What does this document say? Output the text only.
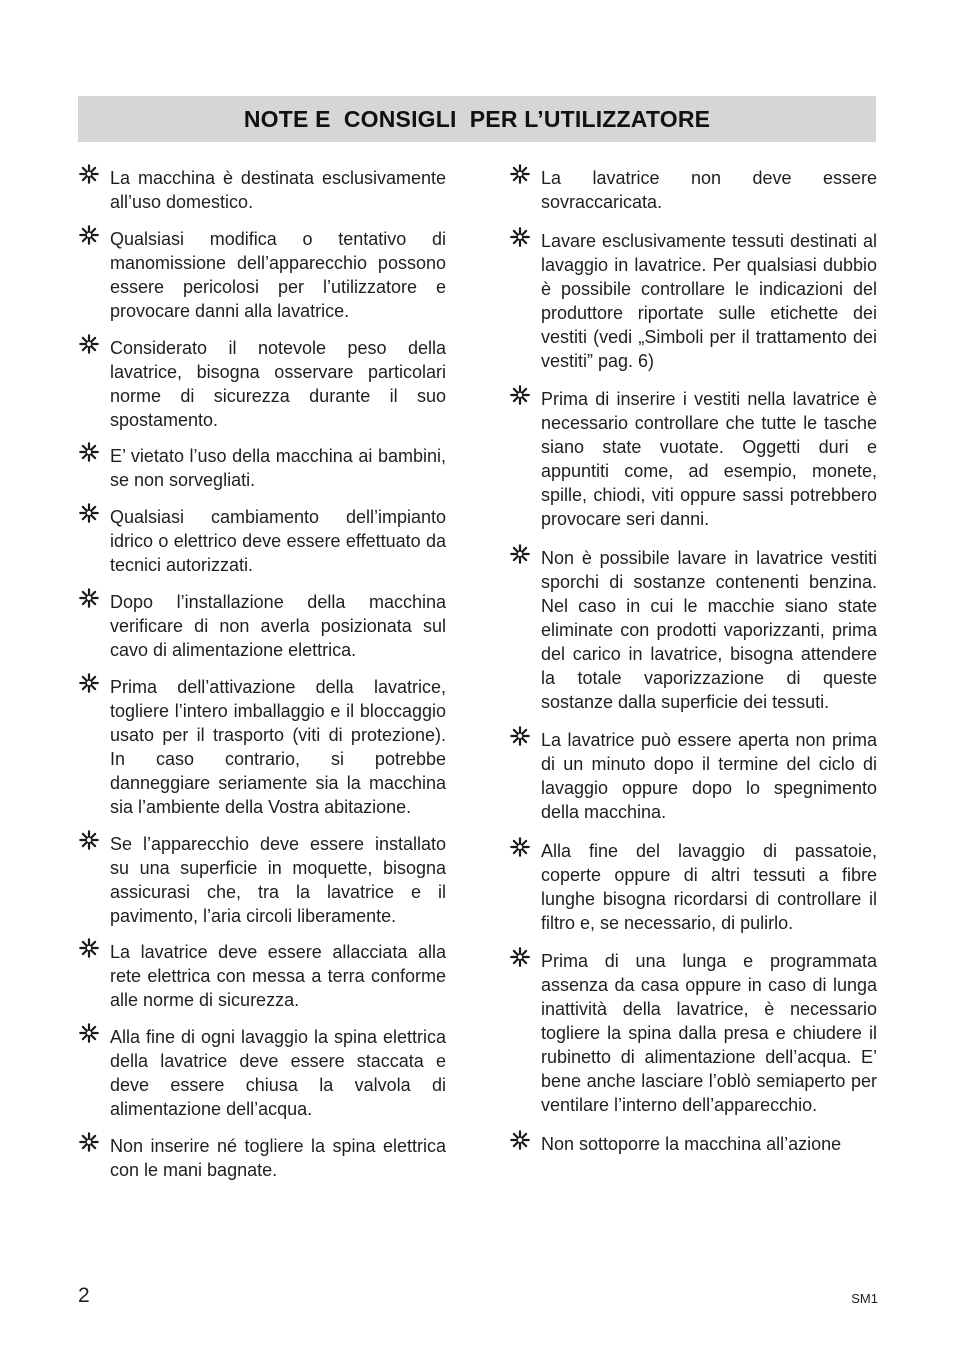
NOTE E  CONSIGLI  PER L’UTILIZZATORE
La macchina è destinata esclusivamente all’uso domestico.
Qualsiasi modifica o tentativo di manomissione dell’apparecchio possono essere pericolosi per l’utilizzatore e provocare danni alla lavatrice.
Considerato il notevole peso della lavatrice, bisogna osservare particolari norme di sicurezza durante il suo spostamento.
E’ vietato l’uso della macchina ai bambini, se non sorvegliati.
Qualsiasi cambiamento dell’impianto idrico o elettrico deve essere effettuato da tecnici autorizzati.
Dopo l’installazione della macchina verificare di non averla posizionata sul cavo di alimentazione elettrica.
Prima dell’attivazione della lavatrice, togliere l’intero imballaggio e il bloccaggio usato per il trasporto (viti di protezione). In caso contrario, si potrebbe danneggiare seriamente sia la macchina sia l’ambiente della Vostra abitazione.
Se l’apparecchio deve essere installato su una superficie in moquette, bisogna assicurasi che, tra la lavatrice e il pavimento, l’aria circoli liberamente.
La lavatrice deve essere allacciata alla rete elettrica con messa a terra conforme alle norme di sicurezza.
Alla fine di ogni lavaggio la spina elettrica della lavatrice deve essere staccata e deve essere chiusa la valvola di alimentazione dell’acqua.
Non inserire né togliere la spina elettrica con le mani bagnate.
La lavatrice non deve essere sovraccaricata.
Lavare esclusivamente tessuti destinati al lavaggio in lavatrice. Per qualsiasi dubbio è possibile controllare le indicazioni del produttore riportate sulle etichette dei vestiti (vedi „Simboli per il trattamento dei vestiti” pag. 6)
Prima di inserire i vestiti nella lavatrice è necessario controllare che tutte le tasche siano state vuotate. Oggetti duri e appuntiti come, ad esempio, monete, spille, chiodi, viti oppure sassi potrebbero provocare seri danni.
Non è possibile lavare in lavatrice vestiti sporchi di sostanze contenenti benzina. Nel caso in cui le macchie siano state eliminate con prodotti vaporizzanti, prima del carico in lavatrice, bisogna attendere la totale vaporizzazione di queste sostanze dalla superficie dei tessuti.
La lavatrice può essere aperta non prima di un minuto dopo il termine del ciclo di lavaggio oppure dopo lo spegnimento della macchina.
Alla fine del lavaggio di passatoie, coperte oppure di altri tessuti a fibre lunghe bisogna ricordarsi di controllare il filtro e, se necessario, di pulirlo.
Prima di una lunga e programmata assenza da casa oppure in caso di lunga inattività della lavatrice, è necessario togliere la spina dalla presa e chiudere il rubinetto di alimentazione dell’acqua. E’ bene anche lasciare l’oblò semiaperto per ventilare l’interno dell’apparecchio.
Non sottoporre la macchina all’azione
2	SM1
